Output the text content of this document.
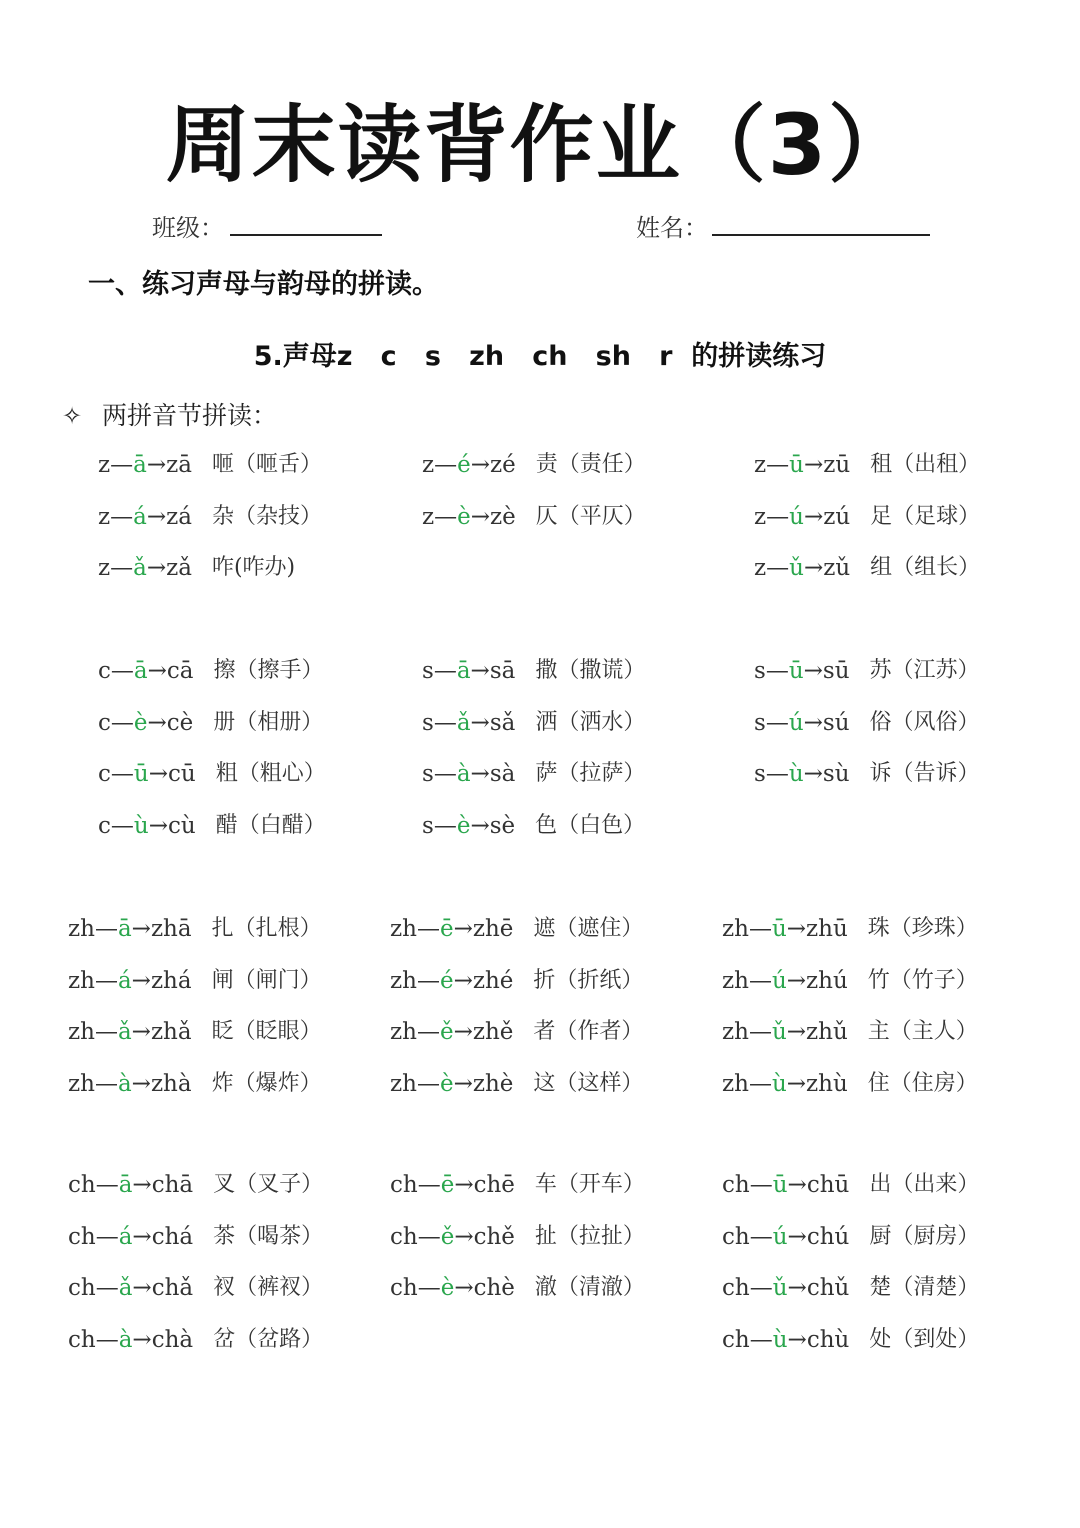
周末读背作业（3）
班级：	姓名：
一、练习声母与韵母的拼读。
5.声母z   c   s   zh   ch   sh   r  的拼读练习
✧ 两拼音节拼读：
z — ā → zā 咂（咂舌）
z — á → zá 杂（杂技）
z — ǎ → zǎ 咋(咋办)
z — é → zé 责（责任）
z — è → zè 仄（平仄）
z — ū → zū 租（出租）
z — ú → zú 足（足球）
z — ǔ → zǔ 组（组长）
c — ā → cā 擦（擦手）
c — è → cè 册（相册）
c — ū → cū 粗（粗心）
c — ù → cù 醋（白醋）
s — ā → sā 撒（撒谎）
s — ǎ → sǎ 洒（洒水）
s — à → sà 萨（拉萨）
s — è → sè 色（白色）
s — ū → sū 苏（江苏）
s — ú → sú 俗（风俗）
s — ù → sù 诉（告诉）
zh — ā → zhā 扎（扎根）
zh — á → zhá 闸（闸门）
zh — ǎ → zhǎ 眨（眨眼）
zh — à → zhà 炸（爆炸）
zh — ē → zhē 遮（遮住）
zh — é → zhé 折（折纸）
zh — ě → zhě 者（作者）
zh — è → zhè 这（这样）
zh — ū → zhū 珠（珍珠）
zh — ú → zhú 竹（竹子）
zh — ǔ → zhǔ 主（主人）
zh — ù → zhù 住（住房）
ch — ā → chā 叉（叉子）
ch — á → chá 茶（喝茶）
ch — ǎ → chǎ 衩（裤衩）
ch — à → chà 岔（岔路）
ch — ē → chē 车（开车）
ch — ě → chě 扯（拉扯）
ch — è → chè 澈（清澈）
ch — ū → chū 出（出来）
ch — ú → chú 厨（厨房）
ch — ǔ → chǔ 楚（清楚）
ch — ù → chù 处（到处）
